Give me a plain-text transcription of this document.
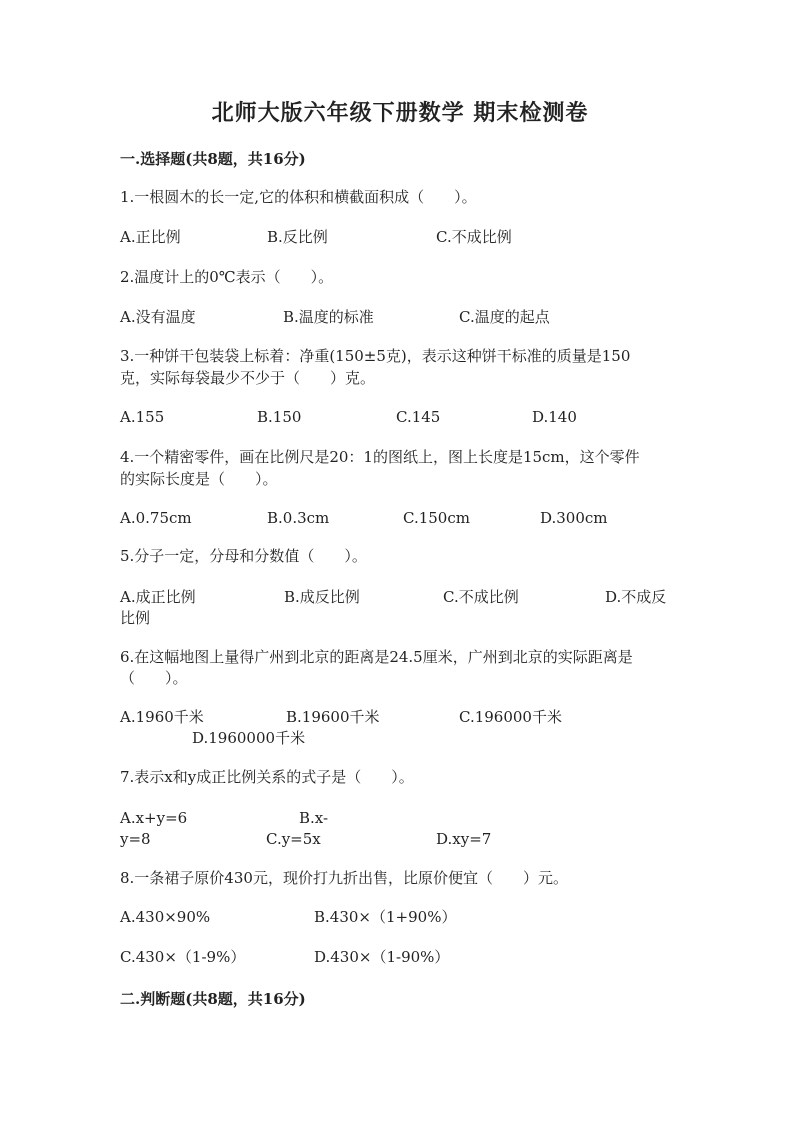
北师大版六年级下册数学 期末检测卷
一.选择题(共8题，共16分)
1.一根圆木的长一定,它的体积和横截面积成（　　）。
A.正比例	B.反比例	C.不成比例
2.温度计上的0℃表示（　　）。
A.没有温度	B.温度的标准	C.温度的起点
3.一种饼干包装袋上标着：净重(150±5克)，表示这种饼干标准的质量是150
克，实际每袋最少不少于（　　）克。
A.155	B.150	C.145	D.140
4.一个精密零件，画在比例尺是20：1的图纸上，图上长度是15cm，这个零件
的实际长度是（　　）。
A.0.75cm	B.0.3cm	C.150cm	D.300cm
5.分子一定，分母和分数值（　　）。
A.成正比例	B.成反比例	C.不成比例	D.不成反
比例
6.在这幅地图上量得广州到北京的距离是24.5厘米，广州到北京的实际距离是
（　　）。
A.1960千米	B.19600千米	C.196000千米
D.1960000千米
7.表示x和y成正比例关系的式子是（　　）。
A.x+y=6	B.x-
y=8	C.y=5x	D.xy=7
8.一条裙子原价430元，现价打九折出售，比原价便宜（　　）元。
A.430×90%	B.430×（1+90%）
C.430×（1-9%）	D.430×（1-90%）
二.判断题(共8题，共16分)
